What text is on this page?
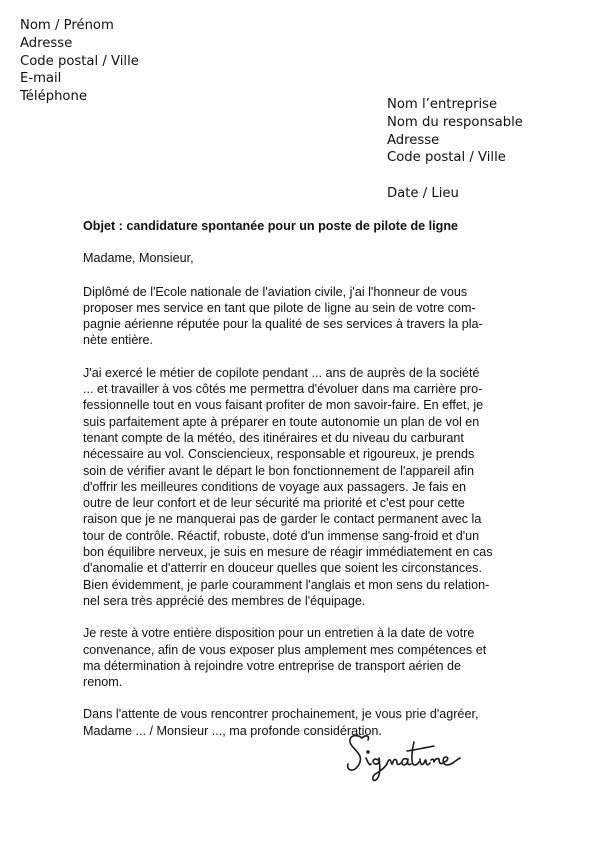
Nom / Prénom
Adresse
Code postal / Ville
E-mail
Téléphone
Nom l’entreprise
Nom du responsable
Adresse
Code postal / Ville
Date / Lieu
Objet : candidature spontanée pour un poste de pilote de ligne
Madame, Monsieur,
Diplômé de l'Ecole nationale de l'aviation civile, j'ai l'honneur de vous
proposer mes service en tant que pilote de ligne au sein de votre com-
pagnie aérienne réputée pour la qualité de ses services à travers la pla-
nète entière.
J'ai exercé le métier de copilote pendant ... ans de auprès de la société
... et travailler à vos côtés me permettra d'évoluer dans ma carrière pro-
fessionnelle tout en vous faisant profiter de mon savoir-faire. En effet, je
suis parfaitement apte à préparer en toute autonomie un plan de vol en
tenant compte de la météo, des itinéraires et du niveau du carburant
nécessaire au vol. Consciencieux, responsable et rigoureux, je prends
soin de vérifier avant le départ le bon fonctionnement de l'appareil afin
d'offrir les meilleures conditions de voyage aux passagers. Je fais en
outre de leur confort et de leur sécurité ma priorité et c'est pour cette
raison que je ne manquerai pas de garder le contact permanent avec la
tour de contrôle. Réactif, robuste, doté d'un immense sang-froid et d'un
bon équilibre nerveux, je suis en mesure de réagir immédiatement en cas
d'anomalie et d'atterrir en douceur quelles que soient les circonstances.
Bien évidemment, je parle couramment l'anglais et mon sens du relation-
nel sera très apprécié des membres de l'équipage.
Je reste à votre entière disposition pour un entretien à la date de votre
convenance, afin de vous exposer plus amplement mes compétences et
ma détermination à rejoindre votre entreprise de transport aérien de
renom.
Dans l'attente de vous rencontrer prochainement, je vous prie d'agréer,
Madame ... / Monsieur ..., ma profonde considération.
